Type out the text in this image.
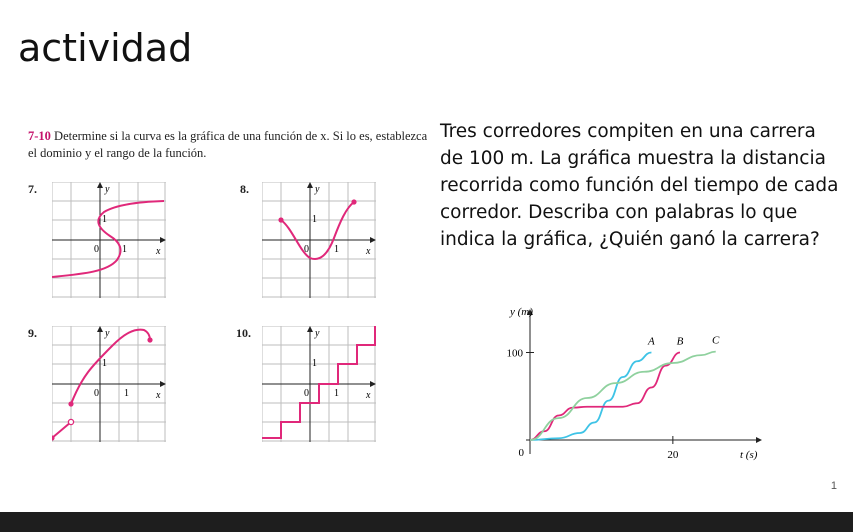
actividad
7-10 Determine si la curva es la gráfica de una función de x. Si lo es, establezca el dominio y el rango de la función.
7.	y
x
0
1
1
8.	y
x
0
1
1
9.	y
x
0
1
1
10.	y
x
0
1
1
Tres corredores compiten en una carrera de 100 m. La gráfica muestra la distancia recorrida como función del tiempo de cada corredor. Describa con palabras lo que indica la gráfica, ¿Quién ganó la carrera?
y (m)
t (s)
100
20
0
A B	C
1
